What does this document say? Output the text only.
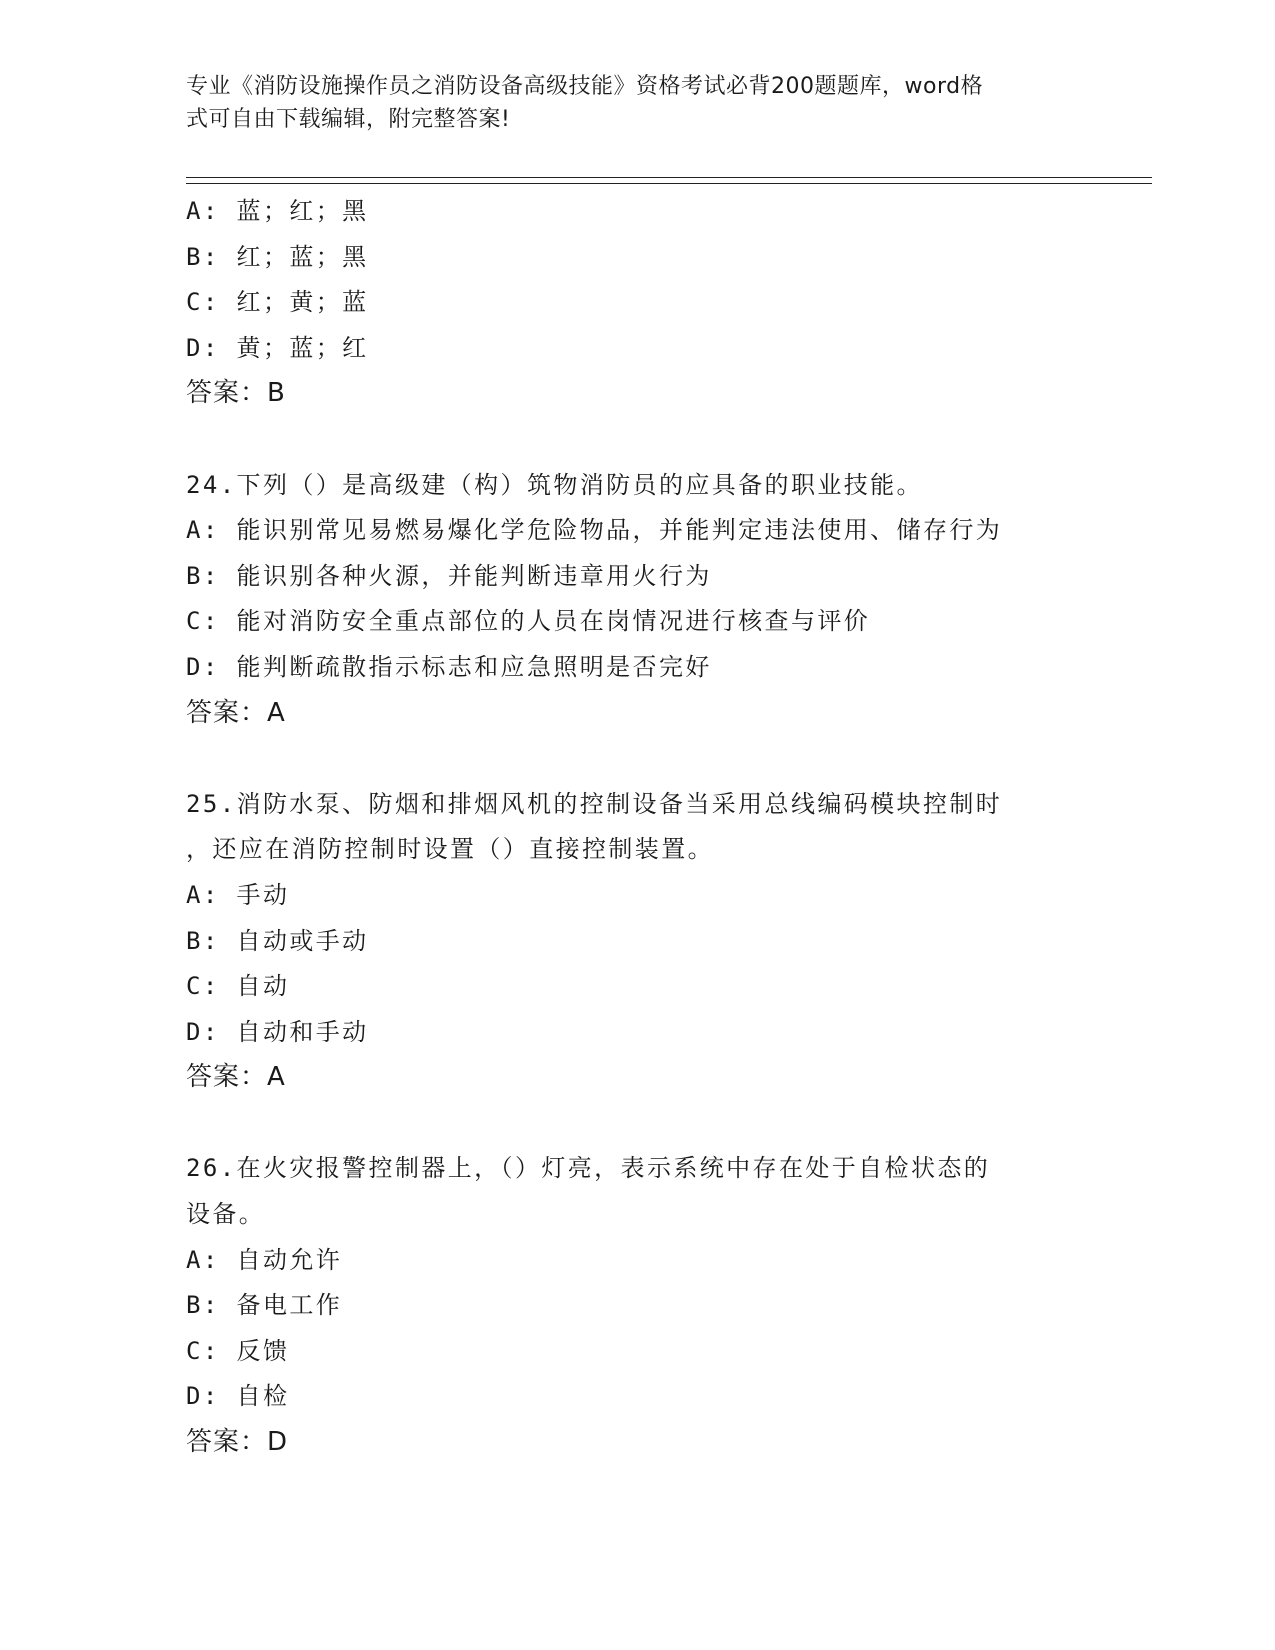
专业《消防设施操作员之消防设备高级技能》资格考试必背200题题库，word格
式可自由下载编辑，附完整答案!
A: 蓝；红；黑
B: 红；蓝；黑
C: 红；黄；蓝
D: 黄；蓝；红
答案：B
24.下列（）是高级建（构）筑物消防员的应具备的职业技能。
A: 能识别常见易燃易爆化学危险物品，并能判定违法使用、储存行为
B: 能识别各种火源，并能判断违章用火行为
C: 能对消防安全重点部位的人员在岗情况进行核查与评价
D: 能判断疏散指示标志和应急照明是否完好
答案：A
25.消防水泵、防烟和排烟风机的控制设备当采用总线编码模块控制时
，还应在消防控制时设置（）直接控制装置。
A: 手动
B: 自动或手动
C: 自动
D: 自动和手动
答案：A
26.在火灾报警控制器上，（）灯亮，表示系统中存在处于自检状态的
设备。
A: 自动允许
B: 备电工作
C: 反馈
D: 自检
答案：D
